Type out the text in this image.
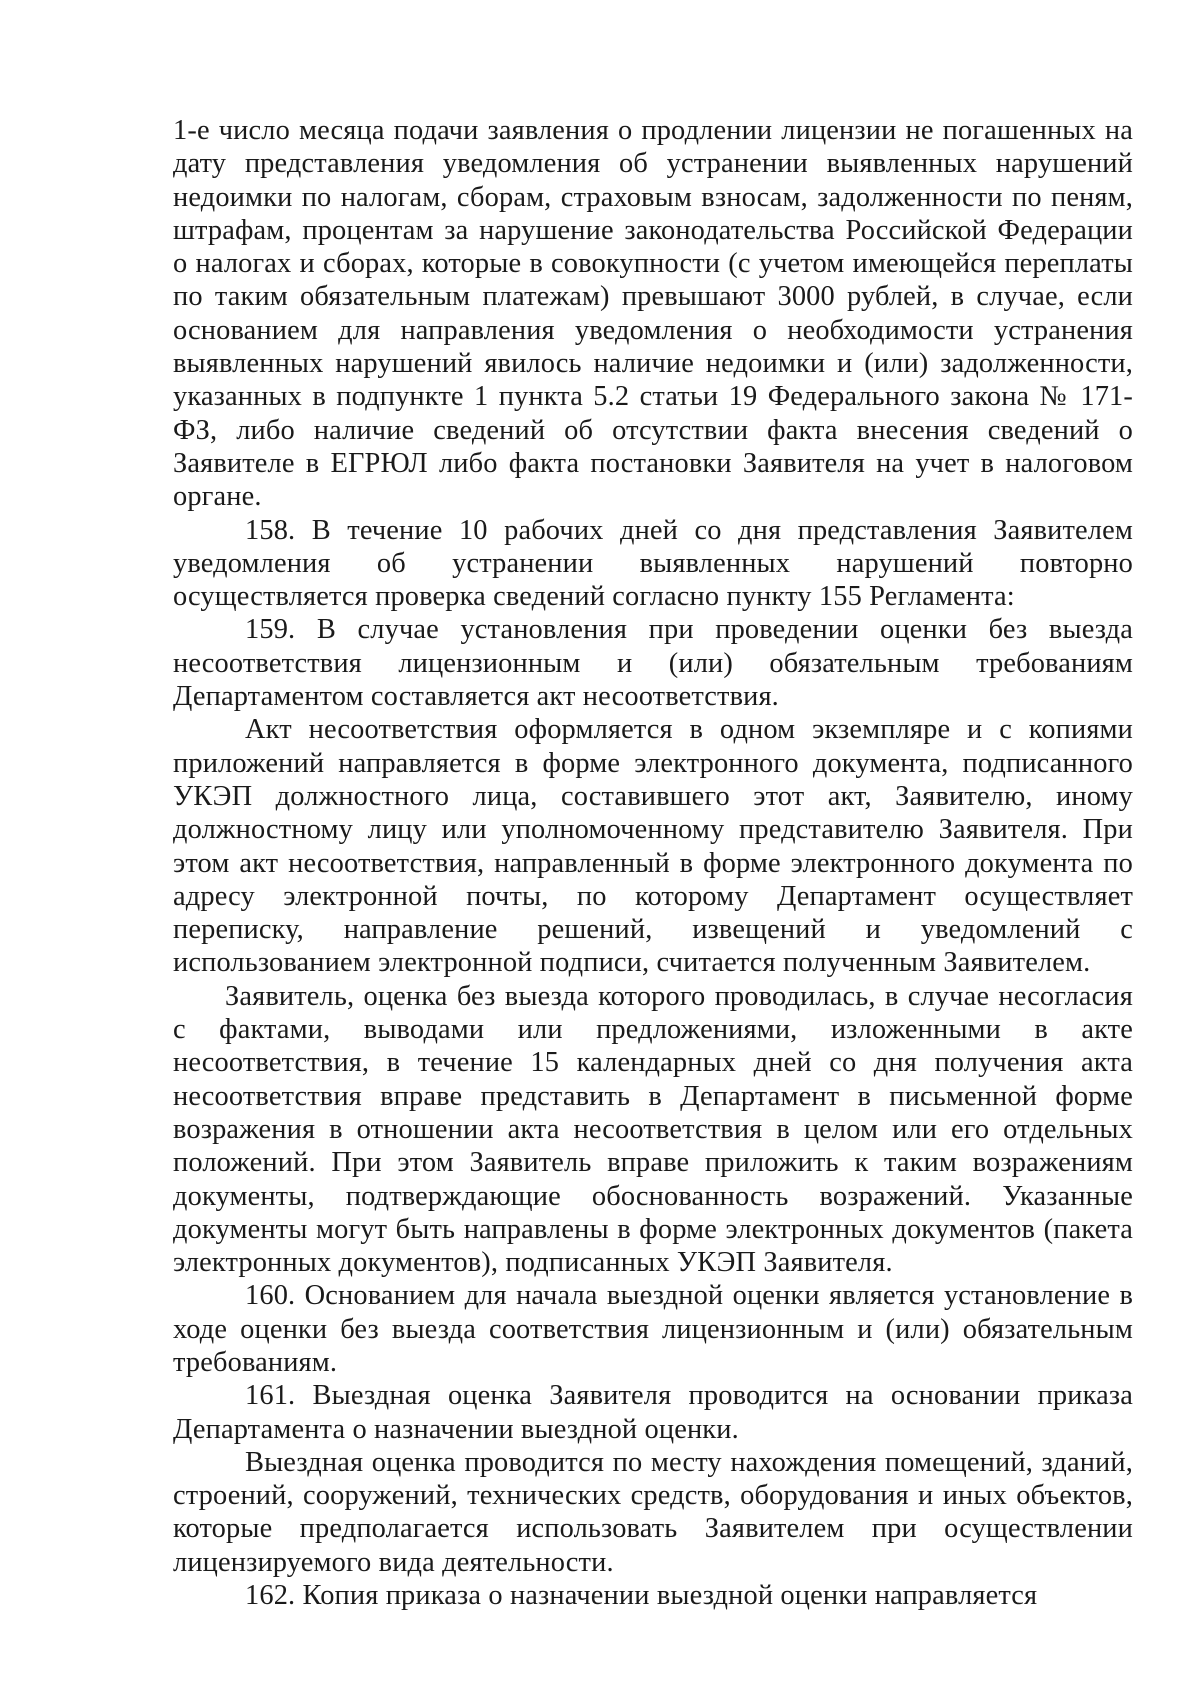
1-е число месяца подачи заявления о продлении лицензии не погашенных на дату представления уведомления об устранении выявленных нарушений недоимки по налогам, сборам, страховым взносам, задолженности по пеням, штрафам, процентам за нарушение законодательства Российской Федерации о налогах и сборах, которые в совокупности (с учетом имеющейся переплаты по таким обязательным платежам) превышают 3000 рублей, в случае, если основанием для направления уведомления о необходимости устранения выявленных нарушений явилось наличие недоимки и (или) задолженности, указанных в подпункте 1 пункта 5.2 статьи 19 Федерального закона № 171-ФЗ, либо наличие сведений об отсутствии факта внесения сведений о Заявителе в ЕГРЮЛ либо факта постановки Заявителя на учет в налоговом органе.

158. В течение 10 рабочих дней со дня представления Заявителем уведомления об устранении выявленных нарушений повторно осуществляется проверка сведений согласно пункту 155 Регламента:

159. В случае установления при проведении оценки без выезда несоответствия лицензионным и (или) обязательным требованиям Департаментом составляется акт несоответствия.

Акт несоответствия оформляется в одном экземпляре и с копиями приложений направляется в форме электронного документа, подписанного УКЭП должностного лица, составившего этот акт, Заявителю, иному должностному лицу или уполномоченному представителю Заявителя. При этом акт несоответствия, направленный в форме электронного документа по адресу электронной почты, по которому Департамент осуществляет переписку, направление решений, извещений и уведомлений с использованием электронной подписи, считается полученным Заявителем.

Заявитель, оценка без выезда которого проводилась, в случае несогласия с фактами, выводами или предложениями, изложенными в акте несоответствия, в течение 15 календарных дней со дня получения акта несоответствия вправе представить в Департамент в письменной форме возражения в отношении акта несоответствия в целом или его отдельных положений. При этом Заявитель вправе приложить к таким возражениям документы, подтверждающие обоснованность возражений. Указанные документы могут быть направлены в форме электронных документов (пакета электронных документов), подписанных УКЭП Заявителя.

160. Основанием для начала выездной оценки является установление в ходе оценки без выезда соответствия лицензионным и (или) обязательным требованиям.

161. Выездная оценка Заявителя проводится на основании приказа Департамента о назначении выездной оценки.

Выездная оценка проводится по месту нахождения помещений, зданий, строений, сооружений, технических средств, оборудования и иных объектов, которые предполагается использовать Заявителем при осуществлении лицензируемого вида деятельности.

162. Копия приказа о назначении выездной оценки направляется
